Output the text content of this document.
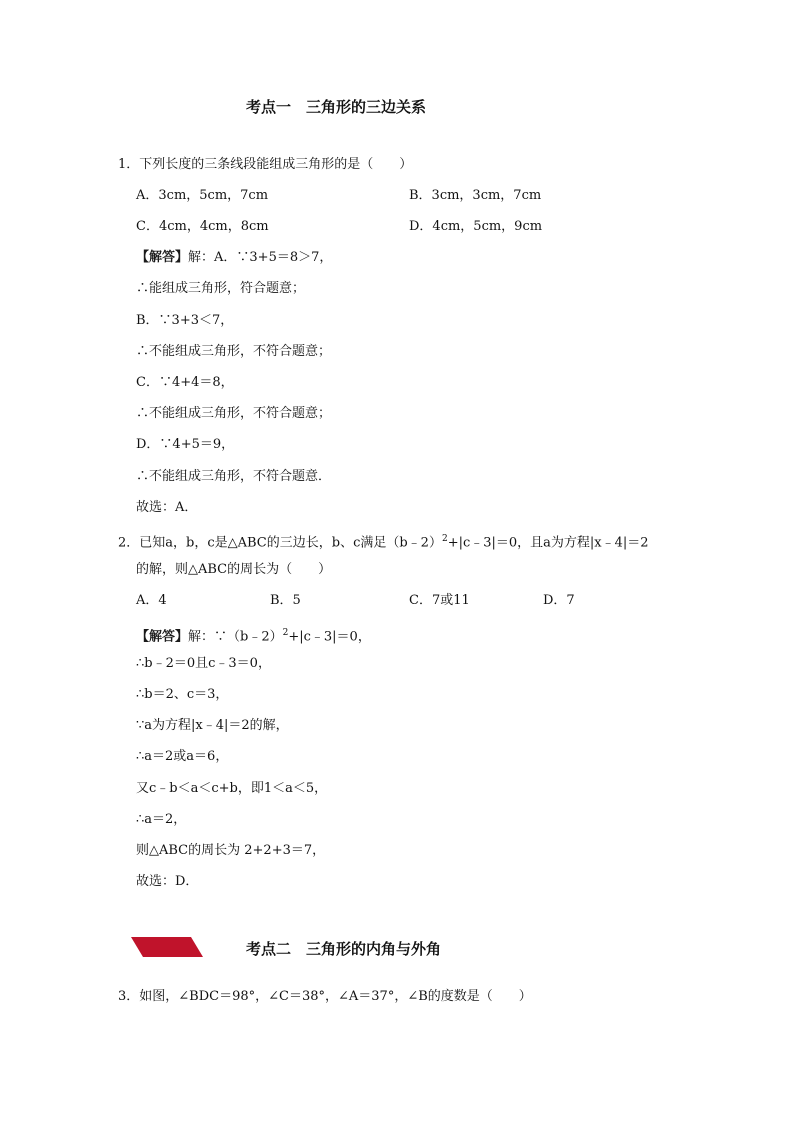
考点一　三角形的三边关系
1．下列长度的三条线段能组成三角形的是（　　）
A．3cm，5cm，7cm	B．3cm，3cm，7cm
C．4cm，4cm，8cm	D．4cm，5cm，9cm
【解答】解：A．∵3+5＝8＞7，
∴能组成三角形，符合题意；
B．∵3+3＜7，
∴不能组成三角形，不符合题意；
C．∵4+4＝8，
∴不能组成三角形，不符合题意；
D．∵4+5＝9，
∴不能组成三角形，不符合题意．
故选：A．
2．已知a，b，c是△ABC的三边长，b、c满足（b﹣2）$^2$+|c﹣3|＝0，且a为方程|x﹣4|＝2
的解，则△ABC的周长为（　　）
A．4	B．5	C．7或11	D．7
【解答】解：∵（b﹣2）$^2$+|c﹣3|＝0，
∴b﹣2＝0且c﹣3＝0，
∴b＝2、c＝3，
∵a为方程|x﹣4|＝2的解，
∴a＝2或a＝6，
又c﹣b＜a＜c+b，即1＜a＜5，
∴a＝2，
则△ABC的周长为 2+2+3＝7，
故选：D．
考点二　三角形的内角与外角
3．如图，∠BDC＝98°，∠C＝38°，∠A＝37°，∠B的度数是（　　）
